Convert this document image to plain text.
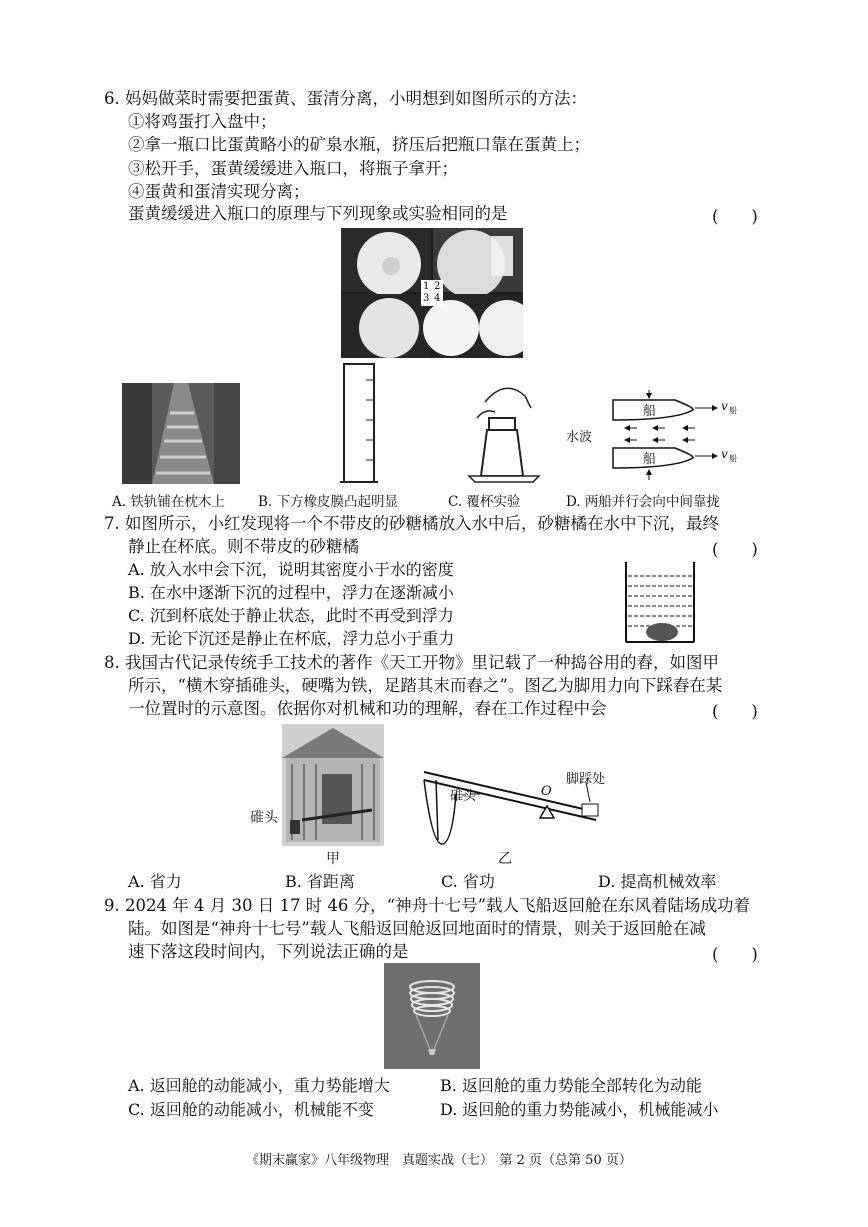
6. 妈妈做菜时需要把蛋黄、蛋清分离，小明想到如图所示的方法：
①将鸡蛋打入盘中；
②拿一瓶口比蛋黄略小的矿泉水瓶，挤压后把瓶口靠在蛋黄上；
③松开手，蛋黄缓缓进入瓶口，将瓶子拿开；
④蛋黄和蛋清实现分离；
蛋黄缓缓进入瓶口的原理与下列现象或实验相同的是	(　　)
1 2
3 4
船
船
水波
v 船
v 船
A. 铁轨铺在枕木上 B. 下方橡皮膜凸起明显	C. 覆杯实验	D. 两船并行会向中间靠拢
7. 如图所示，小红发现将一个不带皮的砂糖橘放入水中后，砂糖橘在水中下沉，最终
静止在杯底。则不带皮的砂糖橘	(　　)
A. 放入水中会下沉，说明其密度小于水的密度
B. 在水中逐渐下沉的过程中，浮力在逐渐减小
C. 沉到杯底处于静止状态，此时不再受到浮力
D. 无论下沉还是静止在杯底，浮力总小于重力
8. 我国古代记录传统手工技术的著作《天工开物》里记载了一种捣谷用的舂，如图甲
所示，“横木穿插碓头，硬嘴为铁，足踏其末而舂之”。图乙为脚用力向下踩舂在某
一位置时的示意图。依据你对机械和功的理解，舂在工作过程中会	(　　)
碓头
甲
碓头	O
脚踩处
乙
A. 省力	B. 省距离	C. 省功	D. 提高机械效率
9. 2024 年 4 月 30 日 17 时 46 分，“神舟十七号”载人飞船返回舱在东风着陆场成功着
陆。如图是“神舟十七号”载人飞船返回舱返回地面时的情景，则关于返回舱在减
速下落这段时间内，下列说法正确的是	(　　)
A. 返回舱的动能减小，重力势能增大	B. 返回舱的重力势能全部转化为动能
C. 返回舱的动能减小，机械能不变	D. 返回舱的重力势能减小，机械能减小
《期末赢家》八年级物理　真题实战（七）　第 2 页（总第 50 页）
